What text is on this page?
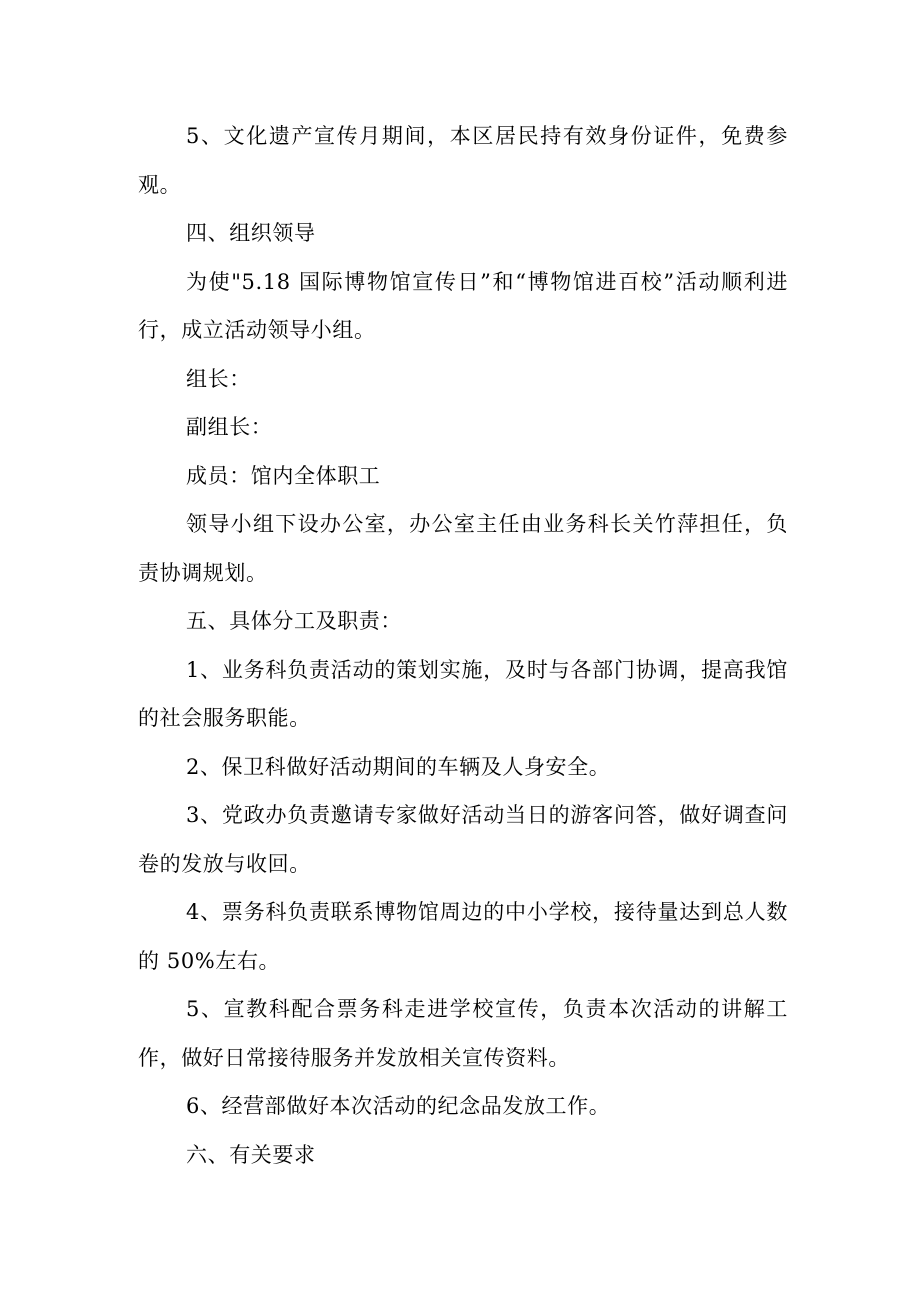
5、文化遗产宣传月期间，本区居民持有效身份证件，免费参观。

四、组织领导

为使"5.18 国际博物馆宣传日”和“博物馆进百校”活动顺利进行，成立活动领导小组。

组长：

副组长：

成员：馆内全体职工

领导小组下设办公室，办公室主任由业务科长关竹萍担任，负责协调规划。

五、具体分工及职责：

1、业务科负责活动的策划实施，及时与各部门协调，提高我馆的社会服务职能。

2、保卫科做好活动期间的车辆及人身安全。

3、党政办负责邀请专家做好活动当日的游客问答，做好调查问卷的发放与收回。

4、票务科负责联系博物馆周边的中小学校，接待量达到总人数的 50%左右。

5、宣教科配合票务科走进学校宣传，负责本次活动的讲解工作，做好日常接待服务并发放相关宣传资料。

6、经营部做好本次活动的纪念品发放工作。

六、有关要求
